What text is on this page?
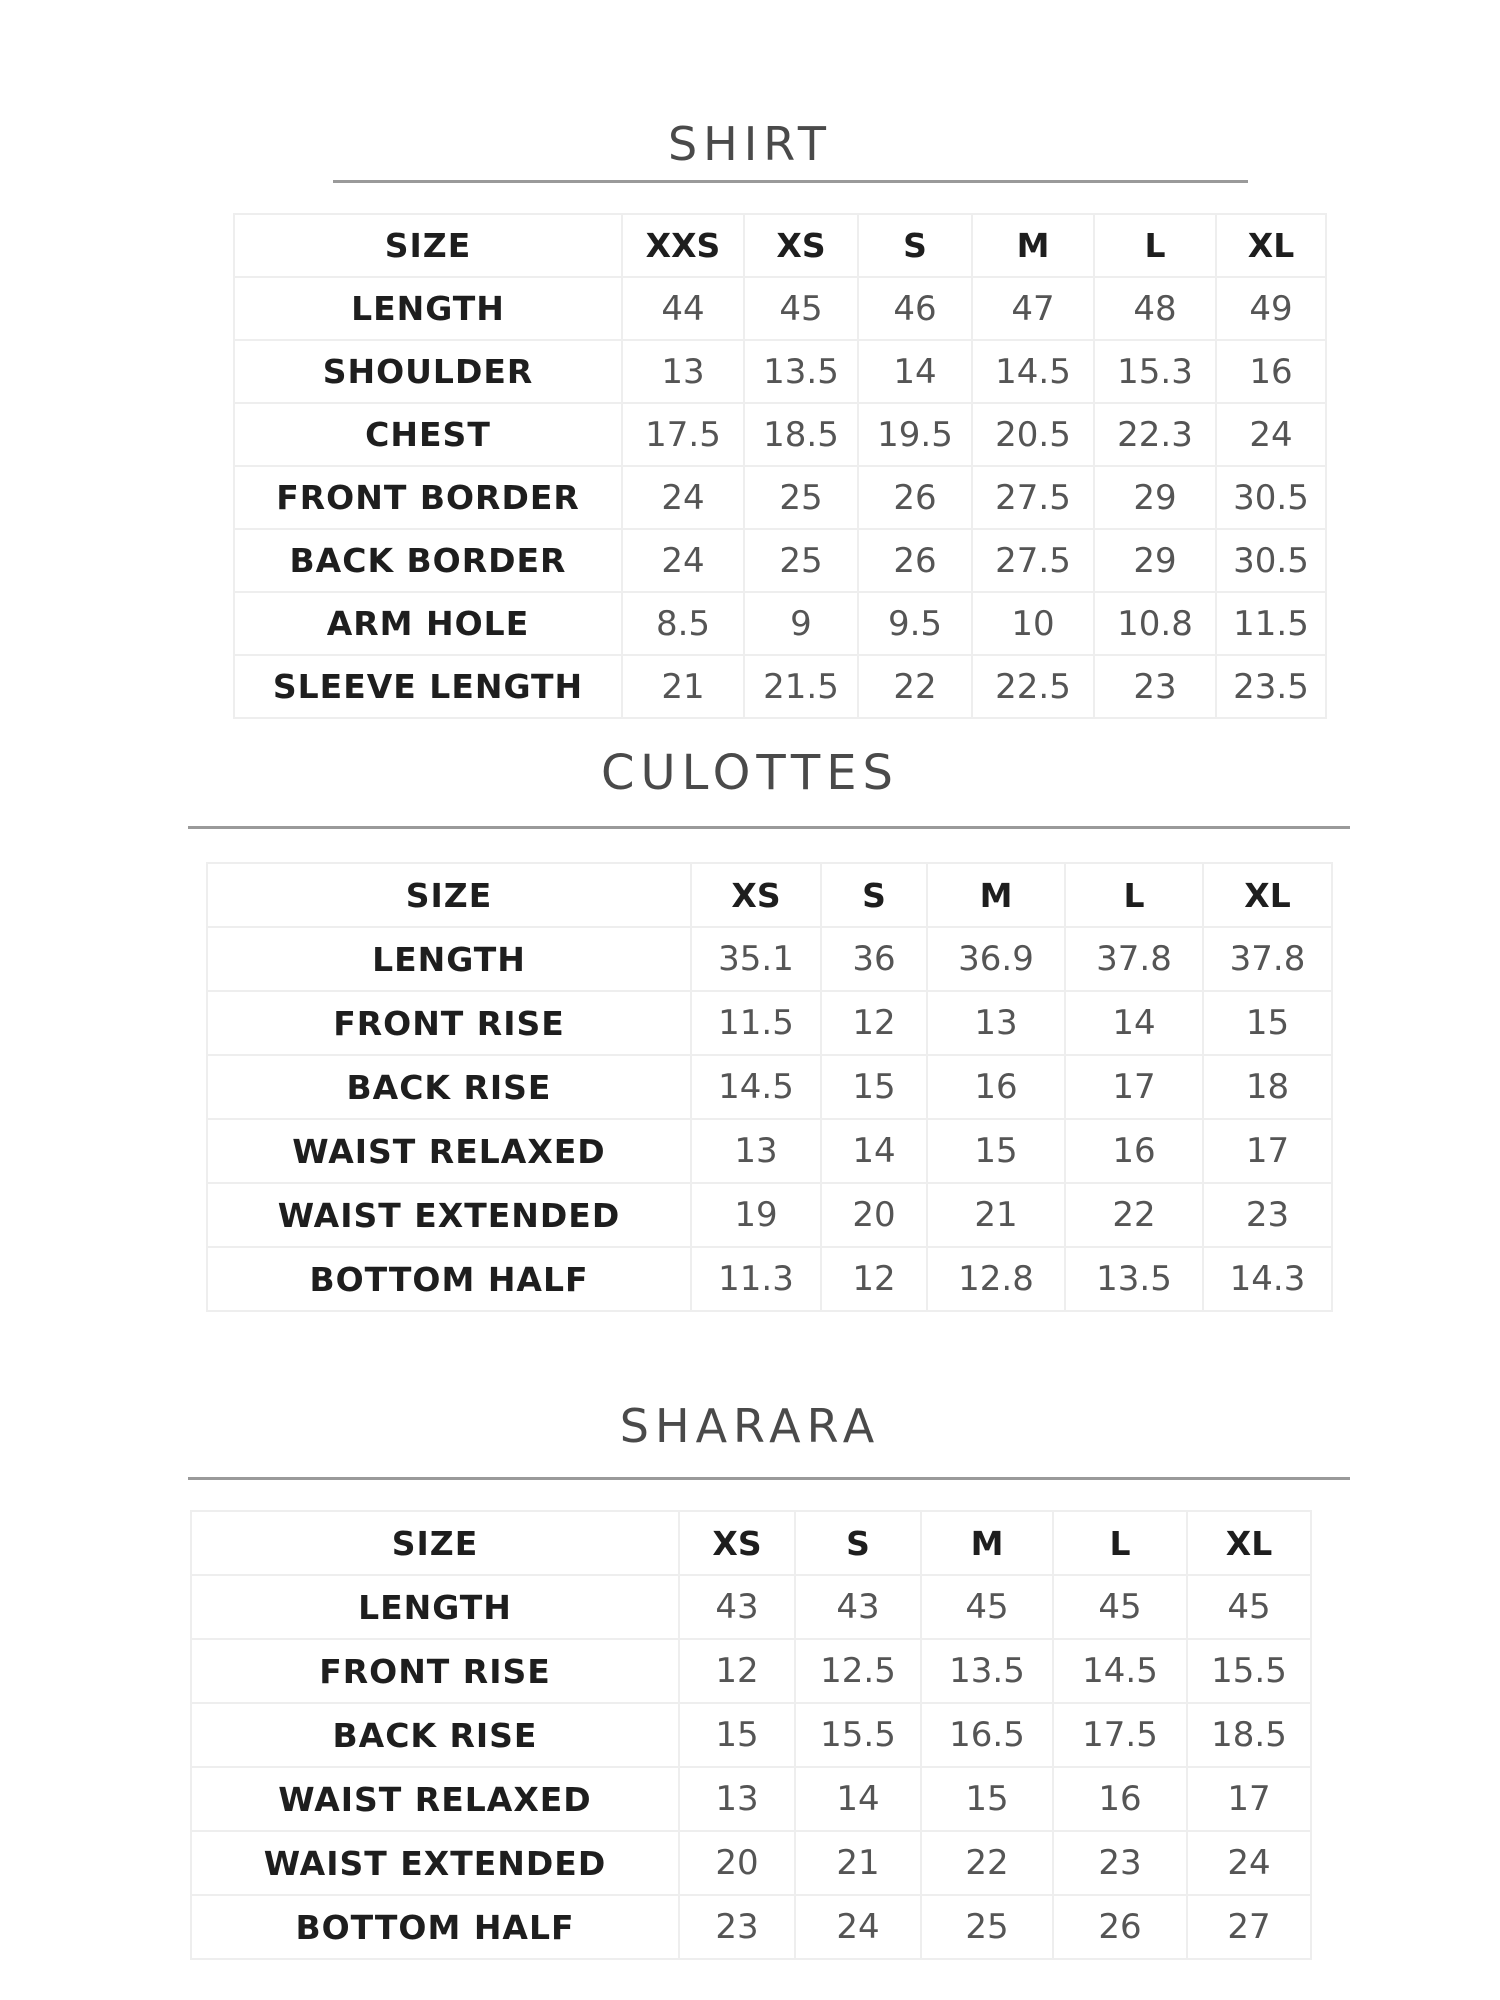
SHIRT
SIZE	XXS	XS	S	M	L	XL
LENGTH	44	45	46	47	48	49
SHOULDER	13	13.5	14	14.5	15.3	16
CHEST	17.5	18.5	19.5	20.5	22.3	24
FRONT BORDER	24	25	26	27.5	29	30.5
BACK BORDER	24	25	26	27.5	29	30.5
ARM HOLE	8.5	9	9.5	10	10.8	11.5
SLEEVE LENGTH	21	21.5	22	22.5	23	23.5
CULOTTES
SIZE	XS	S	M	L	XL
LENGTH	35.1	36	36.9	37.8	37.8
FRONT RISE	11.5	12	13	14	15
BACK RISE	14.5	15	16	17	18
WAIST RELAXED	13	14	15	16	17
WAIST EXTENDED	19	20	21	22	23
BOTTOM HALF	11.3	12	12.8	13.5	14.3
SHARARA
SIZE	XS	S	M	L	XL
LENGTH	43	43	45	45	45
FRONT RISE	12	12.5	13.5	14.5	15.5
BACK RISE	15	15.5	16.5	17.5	18.5
WAIST RELAXED	13	14	15	16	17
WAIST EXTENDED	20	21	22	23	24
BOTTOM HALF	23	24	25	26	27
